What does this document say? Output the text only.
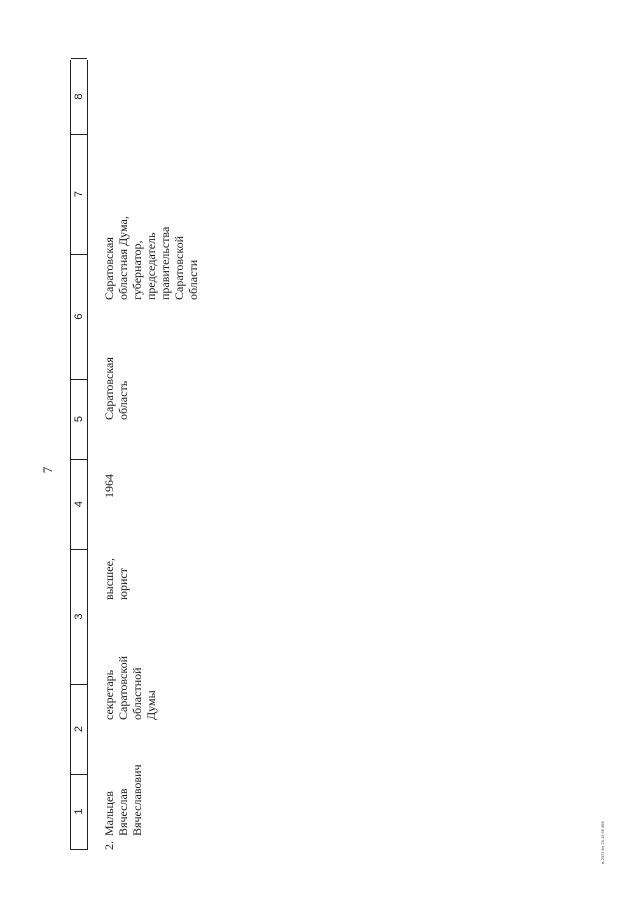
7
1
2
3
4
5
6
7
8
2.
Мальцев Вячеслав Вячеславович
секретарь Саратовской областной Думы
высшее, юрист
1964
Саратовская область
Саратовская областная Дума, губернатор, председатель правительства Саратовской области
п-2071 fнг 29.12.95 465
